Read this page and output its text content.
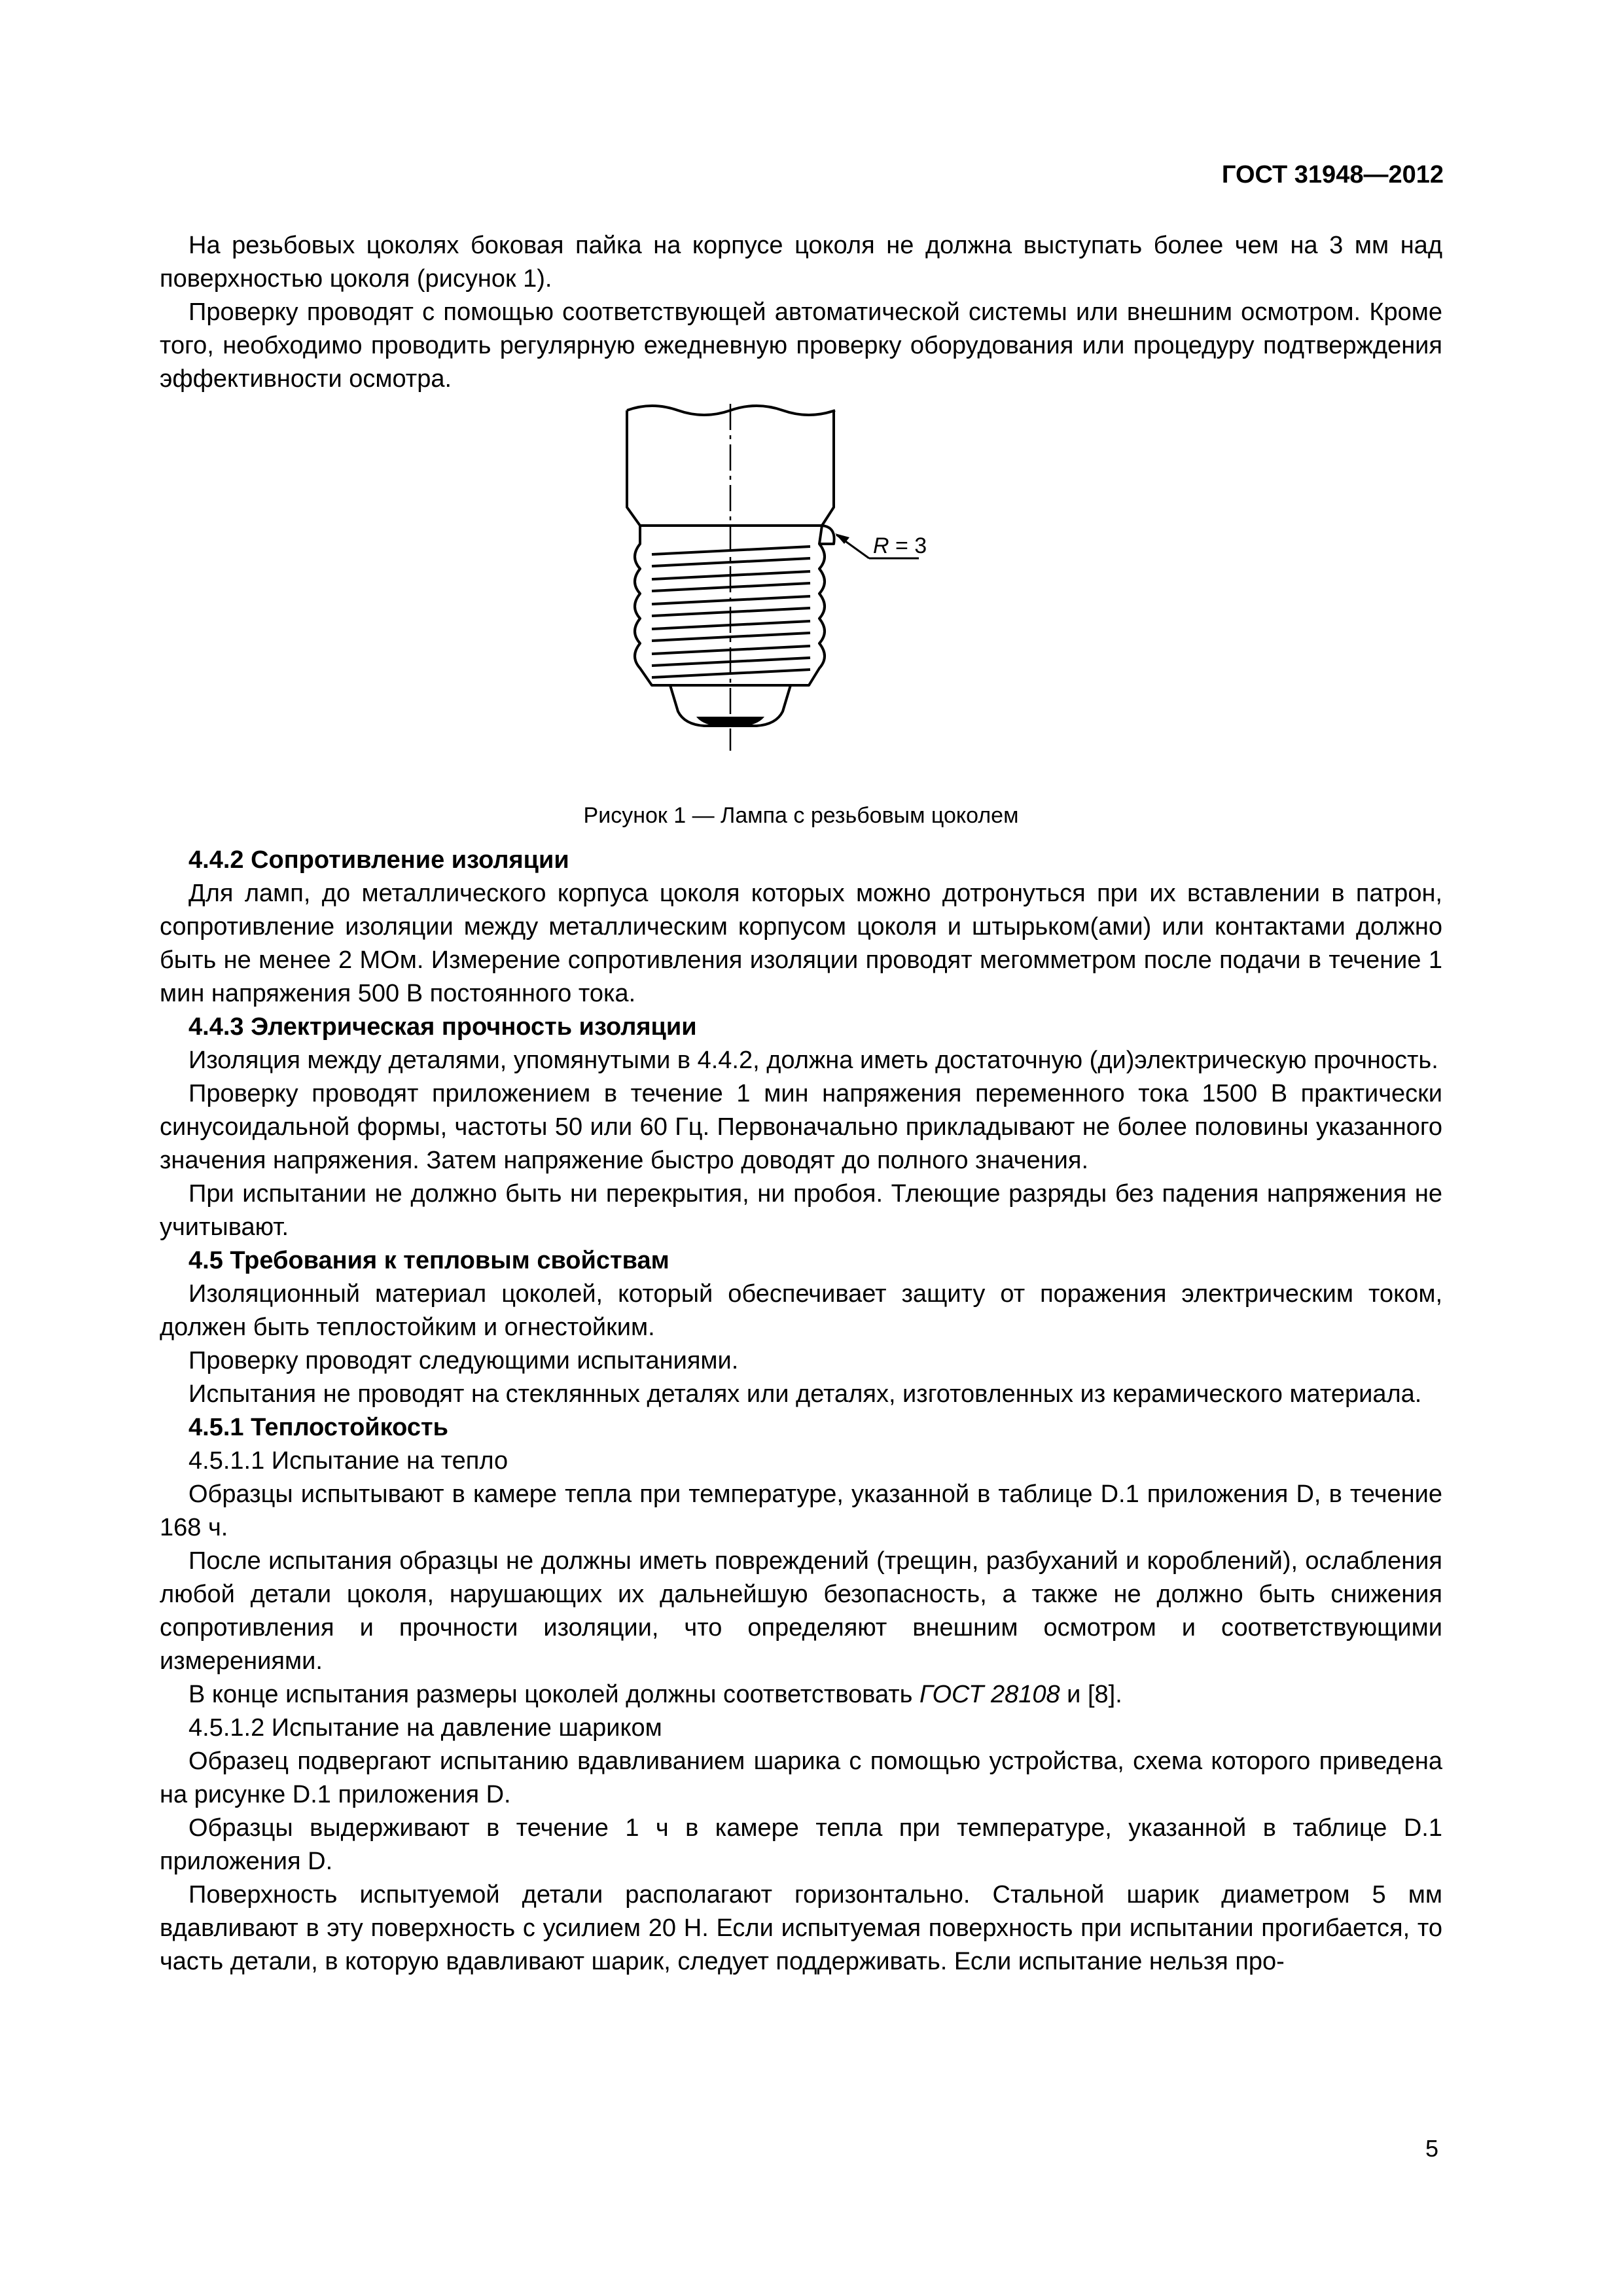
ГОСТ 31948—2012

На резьбовых цоколях боковая пайка на корпусе цоколя не должна выступать более чем на 3 мм над поверхностью цоколя (рисунок 1).

Проверку проводят с помощью соответствующей автоматической системы или внешним осмотром. Кроме того, необходимо проводить регулярную ежедневную проверку оборудования или процедуру подтверждения эффективности осмотра.

R = 3

Рисунок 1 — Лампа с резьбовым цоколем

4.4.2 Сопротивление изоляции

Для ламп, до металлического корпуса цоколя которых можно дотронуться при их вставлении в патрон, сопротивление изоляции между металлическим корпусом цоколя и штырьком(ами) или контактами должно быть не менее 2 МОм. Измерение сопротивления изоляции проводят мегомметром после подачи в течение 1 мин напряжения 500 В постоянного тока.

4.4.3 Электрическая прочность изоляции

Изоляция между деталями, упомянутыми в 4.4.2, должна иметь достаточную (ди)электрическую прочность.

Проверку проводят приложением в течение 1 мин напряжения переменного тока 1500 В практически синусоидальной формы, частоты 50 или 60 Гц. Первоначально прикладывают не более половины указанного значения напряжения. Затем напряжение быстро доводят до полного значения.

При испытании не должно быть ни перекрытия, ни пробоя. Тлеющие разряды без падения напряжения не учитывают.

4.5 Требования к тепловым свойствам

Изоляционный материал цоколей, который обеспечивает защиту от поражения электрическим током, должен быть теплостойким и огнестойким.

Проверку проводят следующими испытаниями.

Испытания не проводят на стеклянных деталях или деталях, изготовленных из керамического материала.

4.5.1 Теплостойкость

4.5.1.1 Испытание на тепло

Образцы испытывают в камере тепла при температуре, указанной в таблице D.1 приложения D, в течение 168 ч.

После испытания образцы не должны иметь повреждений (трещин, разбуханий и короблений), ослабления любой детали цоколя, нарушающих их дальнейшую безопасность, а также не должно быть снижения сопротивления и прочности изоляции, что определяют внешним осмотром и соответствующими измерениями.

В конце испытания размеры цоколей должны соответствовать ГОСТ 28108 и [8].

4.5.1.2 Испытание на давление шариком

Образец подвергают испытанию вдавливанием шарика с помощью устройства, схема которого приведена на рисунке D.1 приложения D.

Образцы выдерживают в течение 1 ч в камере тепла при температуре, указанной в таблице D.1 приложения D.

Поверхность испытуемой детали располагают горизонтально. Стальной шарик диаметром 5 мм вдавливают в эту поверхность с усилием 20 Н. Если испытуемая поверхность при испытании прогибается, то часть детали, в которую вдавливают шарик, следует поддерживать. Если испытание нельзя про-

5
